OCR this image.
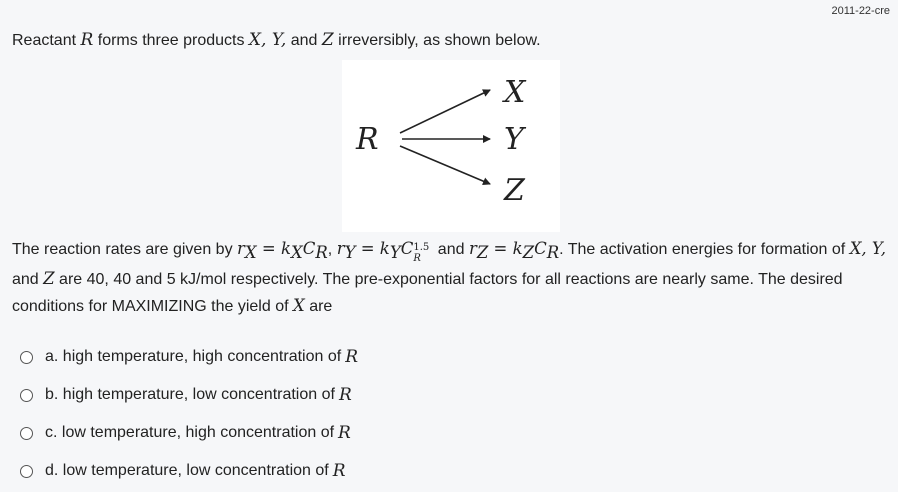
2011-22-cre
Reactant R forms three products X, Y, and Z irreversibly, as shown below.
R
X
Y
Z
The reaction rates are given by $r_X = k_XC_R$, $r_Y = k_YC$ 1.5
R
and $r_Z = k_ZC_R$. The activation energies for formation of X, Y, and Z are 40, 40 and 5 kJ/mol respectively. The pre-exponential factors for all reactions are nearly same. The desired conditions for MAXIMIZING the yield of X are
a. high temperature, high concentration of R
b. high temperature, low concentration of R
c. low temperature, high concentration of R
d. low temperature, low concentration of R
